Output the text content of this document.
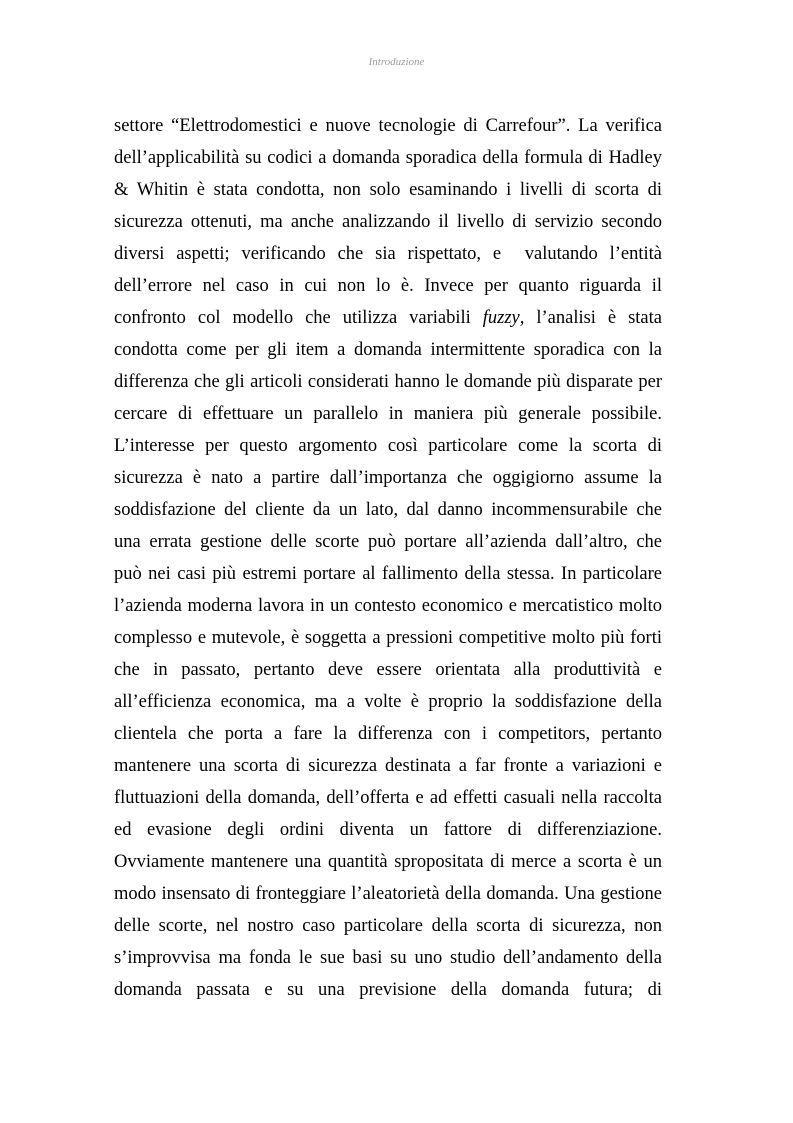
Introduzione
settore “Elettrodomestici e nuove tecnologie di Carrefour”. La verifica
dell’applicabilità su codici a domanda sporadica della formula di Hadley
& Whitin è stata condotta, non solo esaminando i livelli di scorta di
sicurezza ottenuti, ma anche analizzando il livello di servizio secondo
diversi aspetti; verificando che sia rispettato, e  valutando l’entità
dell’errore nel caso in cui non lo è. Invece per quanto riguarda il
confronto col modello che utilizza variabili fuzzy, l’analisi è stata
condotta come per gli item a domanda intermittente sporadica con la
differenza che gli articoli considerati hanno le domande più disparate per
cercare di effettuare un parallelo in maniera più generale possibile.
L’interesse per questo argomento così particolare come la scorta di
sicurezza è nato a partire dall’importanza che oggigiorno assume la
soddisfazione del cliente da un lato, dal danno incommensurabile che
una errata gestione delle scorte può portare all’azienda dall’altro, che
può nei casi più estremi portare al fallimento della stessa. In particolare
l’azienda moderna lavora in un contesto economico e mercatistico molto
complesso e mutevole, è soggetta a pressioni competitive molto più forti
che in passato, pertanto deve essere orientata alla produttività e
all’efficienza economica, ma a volte è proprio la soddisfazione della
clientela che porta a fare la differenza con i competitors, pertanto
mantenere una scorta di sicurezza destinata a far fronte a variazioni e
fluttuazioni della domanda, dell’offerta e ad effetti casuali nella raccolta
ed evasione degli ordini diventa un fattore di differenziazione.
Ovviamente mantenere una quantità spropositata di merce a scorta è un
modo insensato di fronteggiare l’aleatorietà della domanda. Una gestione
delle scorte, nel nostro caso particolare della scorta di sicurezza, non
s’improvvisa ma fonda le sue basi su uno studio dell’andamento della
domanda passata e su una previsione della domanda futura; di
